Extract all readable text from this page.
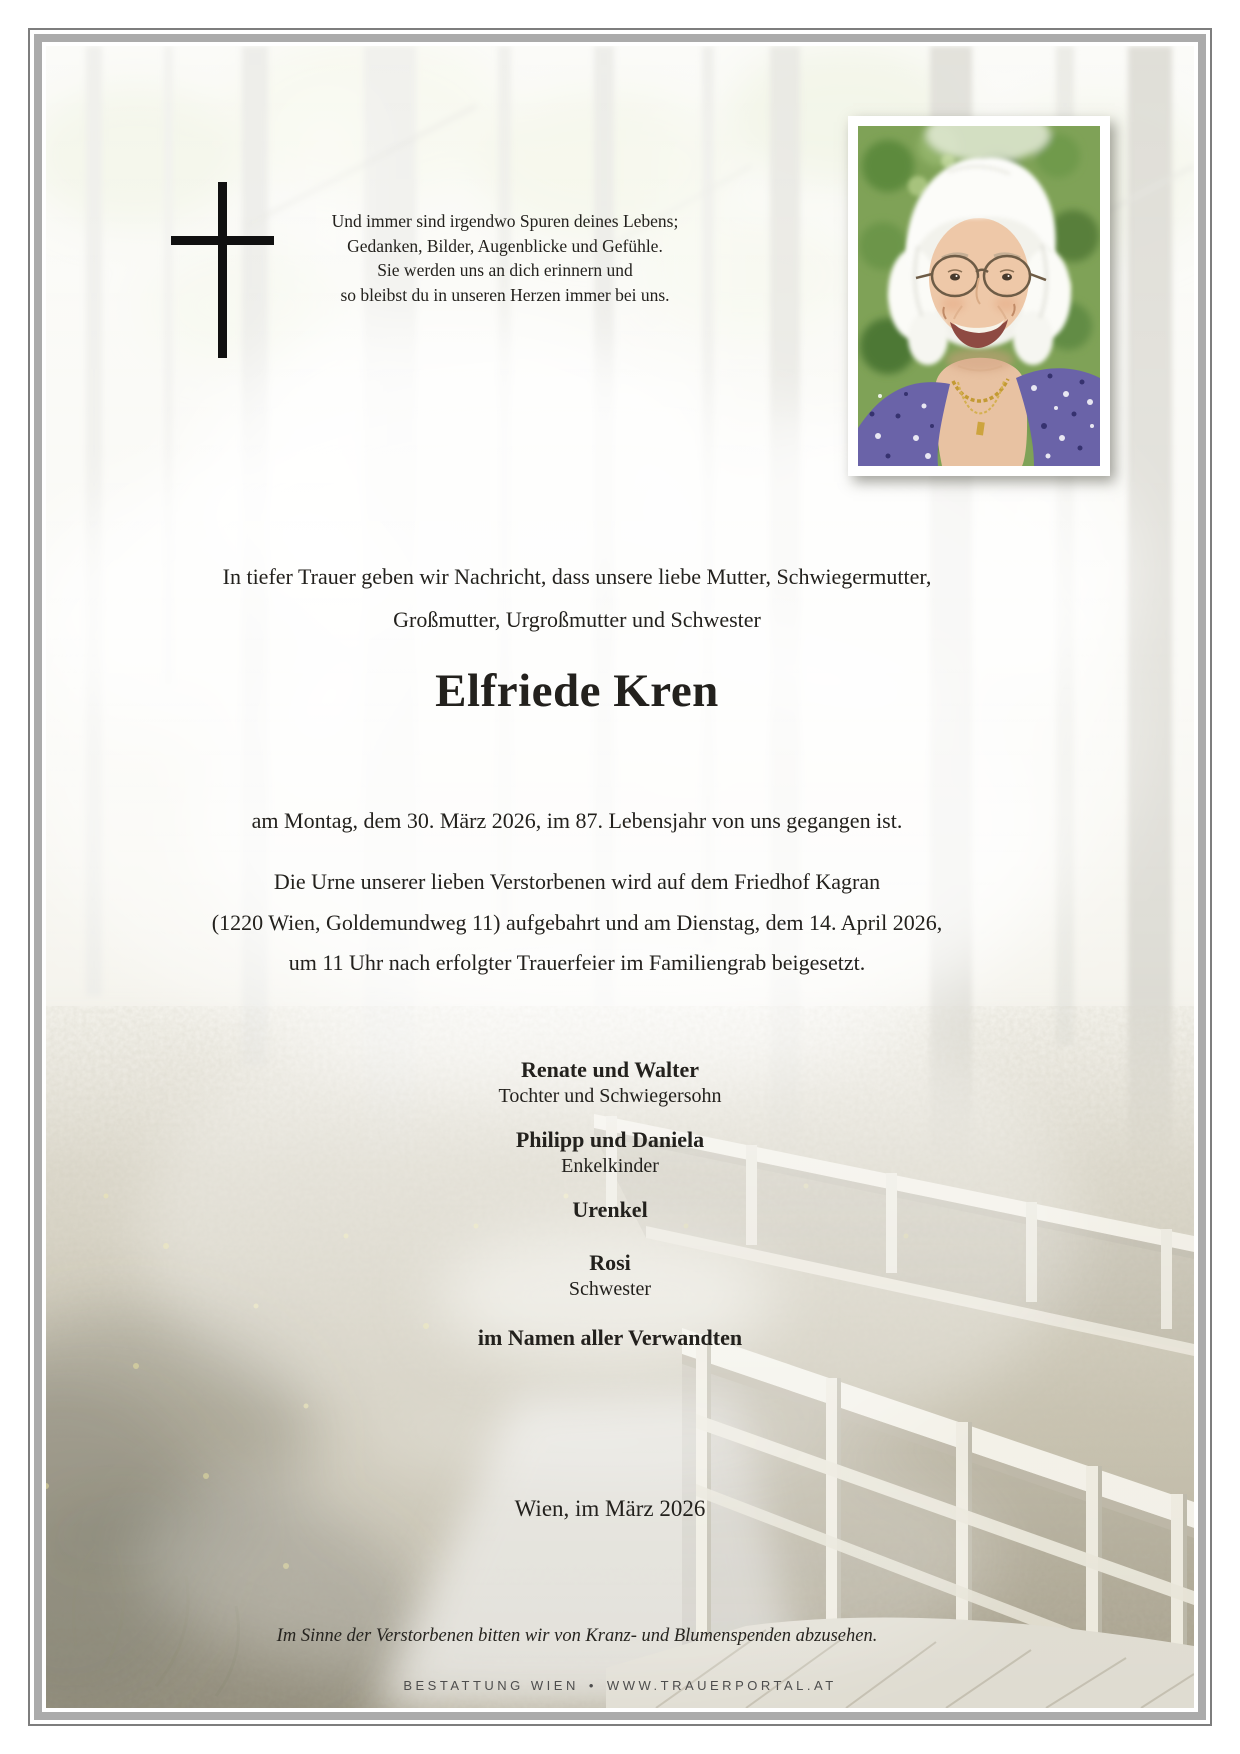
Und immer sind irgendwo Spuren deines Lebens;
Gedanken, Bilder, Augenblicke und Gefühle.
Sie werden uns an dich erinnern und
so bleibst du in unseren Herzen immer bei uns.
In tiefer Trauer geben wir Nachricht, dass unsere liebe Mutter, Schwiegermutter,
Großmutter, Urgroßmutter und Schwester
Elfriede Kren
am Montag, dem 30. März 2026, im 87. Lebensjahr von uns gegangen ist.
Die Urne unserer lieben Verstorbenen wird auf dem Friedhof Kagran
(1220 Wien, Goldemundweg 11) aufgebahrt und am Dienstag, dem 14. April 2026,
um 11 Uhr nach erfolgter Trauerfeier im Familiengrab beigesetzt.
Renate und Walter
Tochter und Schwiegersohn
Philipp und Daniela
Enkelkinder
Urenkel
Rosi
Schwester
im Namen aller Verwandten
Wien, im März 2026
Im Sinne der Verstorbenen bitten wir von Kranz- und Blumenspenden abzusehen.
BESTATTUNG WIEN • WWW.TRAUERPORTAL.AT
